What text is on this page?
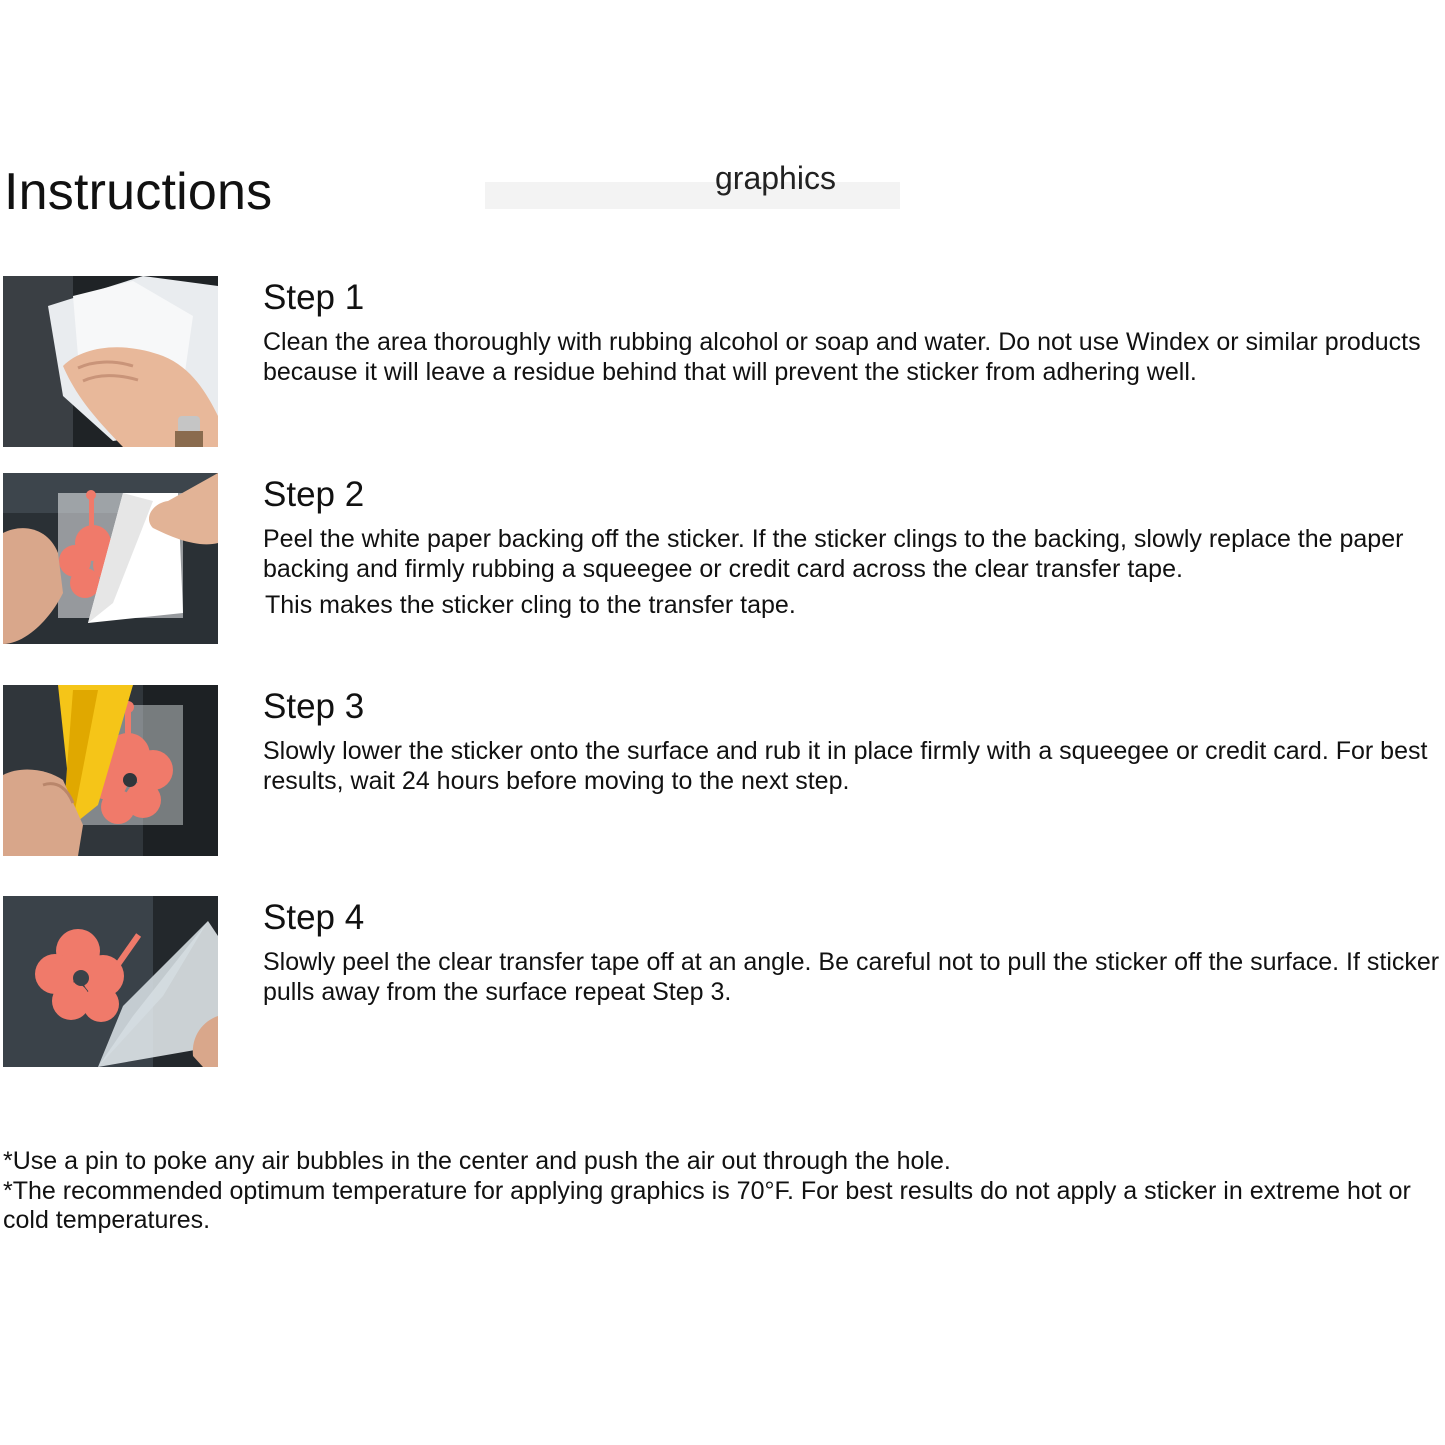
Instructions	graphics
Step 1

Clean the area thoroughly with rubbing alcohol or soap and water. Do not use Windex or similar products because it will leave a residue behind that will prevent the sticker from adhering well.

Step 2

Peel the white paper backing off the sticker. If the sticker clings to the backing, slowly replace the paper backing and firmly rubbing a squeegee or credit card across the clear transfer tape.

This makes the sticker cling to the transfer tape.

Step 3

Slowly lower the sticker onto the surface and rub it in place firmly with a squeegee or credit card. For best results, wait 24 hours before moving to the next step.

Step 4

Slowly peel the clear transfer tape off at an angle. Be careful not to pull the sticker off the surface. If sticker pulls away from the surface repeat Step 3.

*Use a pin to poke any air bubbles in the center and push the air out through the hole.

*The recommended optimum temperature for applying graphics is 70°F. For best results do not apply a sticker in extreme hot or cold temperatures.
